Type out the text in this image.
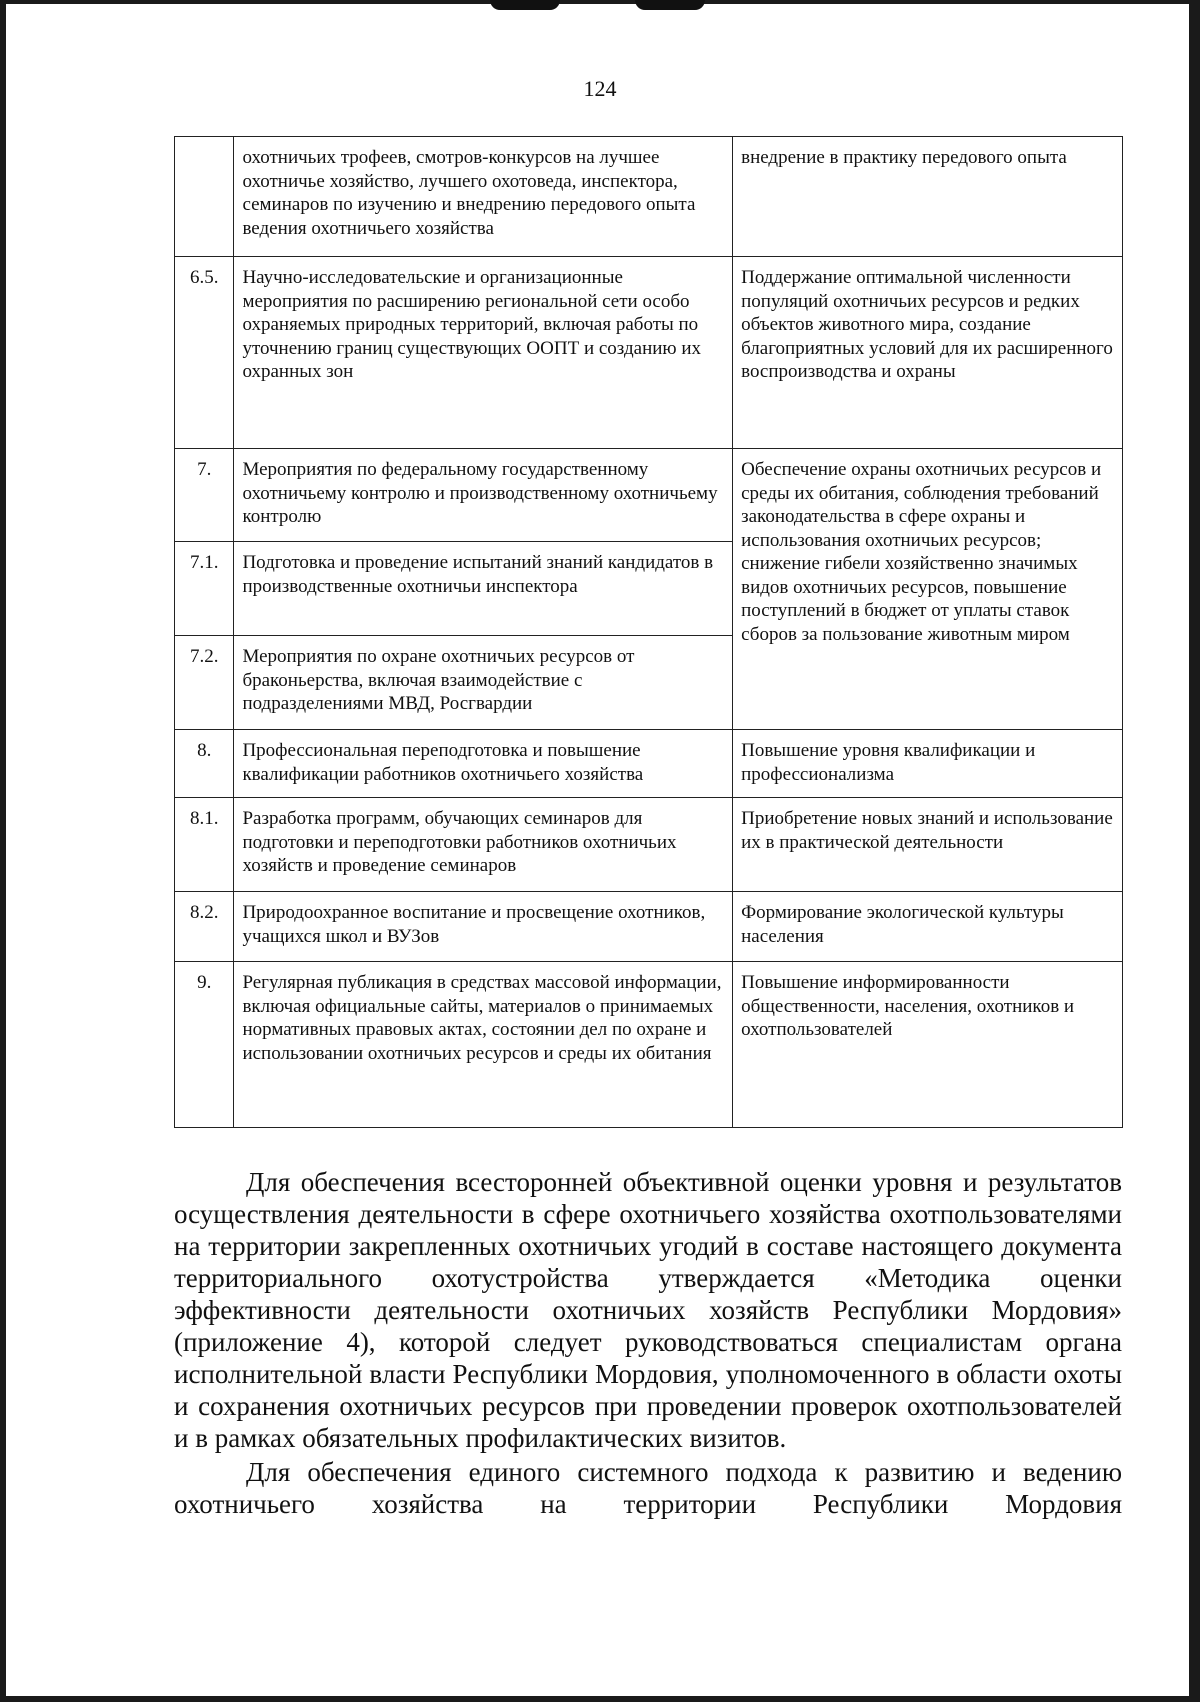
124
	охотничьих трофеев, смотров-конкурсов на лучшее охотничье хозяйство, лучшего охотоведа, инспектора, семинаров по изучению и внедрению передового опыта ведения охотничьего хозяйства	внедрение в практику передового опыта
6.5.	Научно-исследовательские и организационные мероприятия по расширению региональной сети особо охраняемых природных территорий, включая работы по уточнению границ существующих ООПТ и созданию их охранных зон	Поддержание оптимальной численности популяций охотничьих ресурсов и редких объектов животного мира, создание благоприятных условий для их расширенного воспроизводства и охраны
7.	Мероприятия по федеральному государственному охотничьему контролю и производственному охотничьему контролю	Обеспечение охраны охотничьих ресурсов и среды их обитания, соблюдения требований законодательства в сфере охраны и использования охотничьих ресурсов; снижение гибели хозяйственно значимых видов охотничьих ресурсов, повышение поступлений в бюджет от уплаты ставок сборов за пользование животным миром
7.1.	Подготовка и проведение испытаний знаний кандидатов в производственные охотничьи инспектора	
7.2.	Мероприятия по охране охотничьих ресурсов от браконьерства, включая взаимодействие с подразделениями МВД, Росгвардии	
8.	Профессиональная переподготовка и повышение квалификации работников охотничьего хозяйства	Повышение уровня квалификации и профессионализма
8.1.	Разработка программ, обучающих семинаров для подготовки и переподготовки работников охотничьих хозяйств и проведение семинаров	Приобретение новых знаний и использование их в практической деятельности
8.2.	Природоохранное воспитание и просвещение охотников, учащихся школ и ВУЗов	Формирование экологической культуры населения
9.	Регулярная публикация в средствах массовой информации, включая официальные сайты, материалов о принимаемых нормативных правовых актах, состоянии дел по охране и использовании охотничьих ресурсов и среды их обитания	Повышение информированности общественности, населения, охотников и охотпользователей

Для обеспечения всесторонней объективной оценки уровня и результатов осуществления деятельности в сфере охотничьего хозяйства охотпользователями на территории закрепленных охотничьих угодий в составе настоящего документа территориального охотустройства утверждается «Методика оценки эффективности деятельности охотничьих хозяйств Республики Мордовия» (приложение 4), которой следует руководствоваться специалистам органа исполнительной власти Республики Мордовия, уполномоченного в области охоты и сохранения охотничьих ресурсов при проведении проверок охотпользователей и в рамках обязательных профилактических визитов.

Для обеспечения единого системного подхода к развитию и ведению охотничьего хозяйства на территории Республики Мордовия
